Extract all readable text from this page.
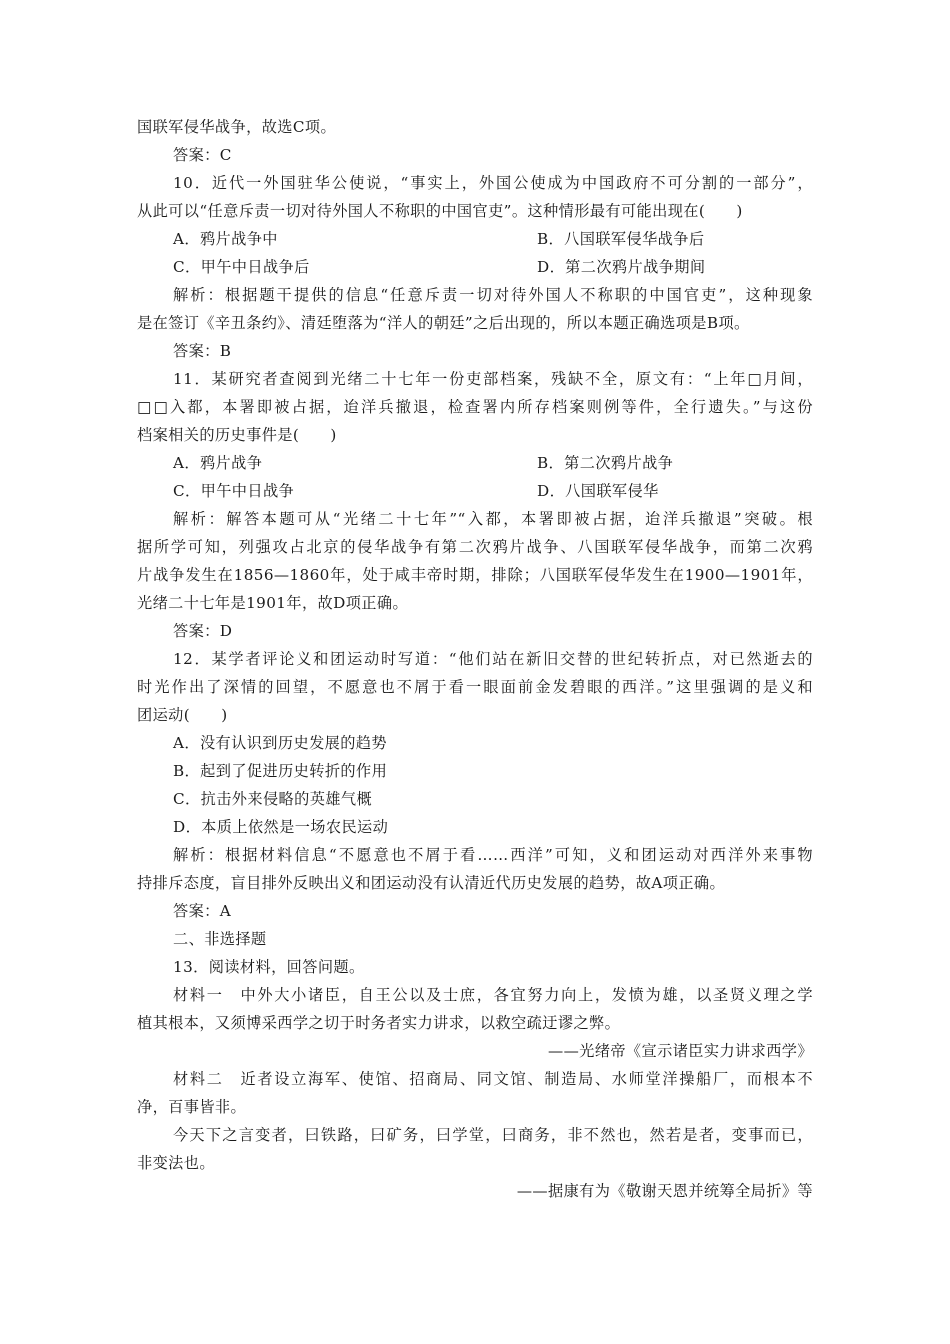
国联军侵华战争，故选C项。
答案：C
10．近代一外国驻华公使说，“事实上，外国公使成为中国政府不可分割的一部分”，
从此可以“任意斥责一切对待外国人不称职的中国官吏”。这种情形最有可能出现在(　　)
A．鸦片战争中	B．八国联军侵华战争后
C．甲午中日战争后	D．第二次鸦片战争期间
解析：根据题干提供的信息“任意斥责一切对待外国人不称职的中国官吏”，这种现象
是在签订《辛丑条约》、清廷堕落为“洋人的朝廷”之后出现的，所以本题正确选项是B项。
答案：B
11．某研究者查阅到光绪二十七年一份吏部档案，残缺不全，原文有：“上年□月间，
□□入都，本署即被占据，迨洋兵撤退，检查署内所存档案则例等件，全行遗失。”与这份
档案相关的历史事件是(　　)
A．鸦片战争	B．第二次鸦片战争
C．甲午中日战争	D．八国联军侵华
解析：解答本题可从“光绪二十七年”“入都，本署即被占据，迨洋兵撤退”突破。根
据所学可知，列强攻占北京的侵华战争有第二次鸦片战争、八国联军侵华战争，而第二次鸦
片战争发生在1856—1860年，处于咸丰帝时期，排除；八国联军侵华发生在1900—1901年，
光绪二十七年是1901年，故D项正确。
答案：D
12．某学者评论义和团运动时写道：“他们站在新旧交替的世纪转折点，对已然逝去的
时光作出了深情的回望，不愿意也不屑于看一眼面前金发碧眼的西洋。”这里强调的是义和
团运动(　　)
A．没有认识到历史发展的趋势
B．起到了促进历史转折的作用
C．抗击外来侵略的英雄气概
D．本质上依然是一场农民运动
解析：根据材料信息“不愿意也不屑于看……西洋”可知，义和团运动对西洋外来事物
持排斥态度，盲目排外反映出义和团运动没有认清近代历史发展的趋势，故A项正确。
答案：A
二、非选择题
13．阅读材料，回答问题。
材料一　中外大小诸臣，自王公以及士庶，各宜努力向上，发愤为雄，以圣贤义理之学
植其根本，又须博采西学之切于时务者实力讲求，以救空疏迂谬之弊。
——光绪帝《宣示诸臣实力讲求西学》
材料二　近者设立海军、使馆、招商局、同文馆、制造局、水师堂洋操船厂，而根本不
净，百事皆非。
今天下之言变者，曰铁路，曰矿务，曰学堂，曰商务，非不然也，然若是者，变事而已，
非变法也。
——据康有为《敬谢天恩并统筹全局折》等
